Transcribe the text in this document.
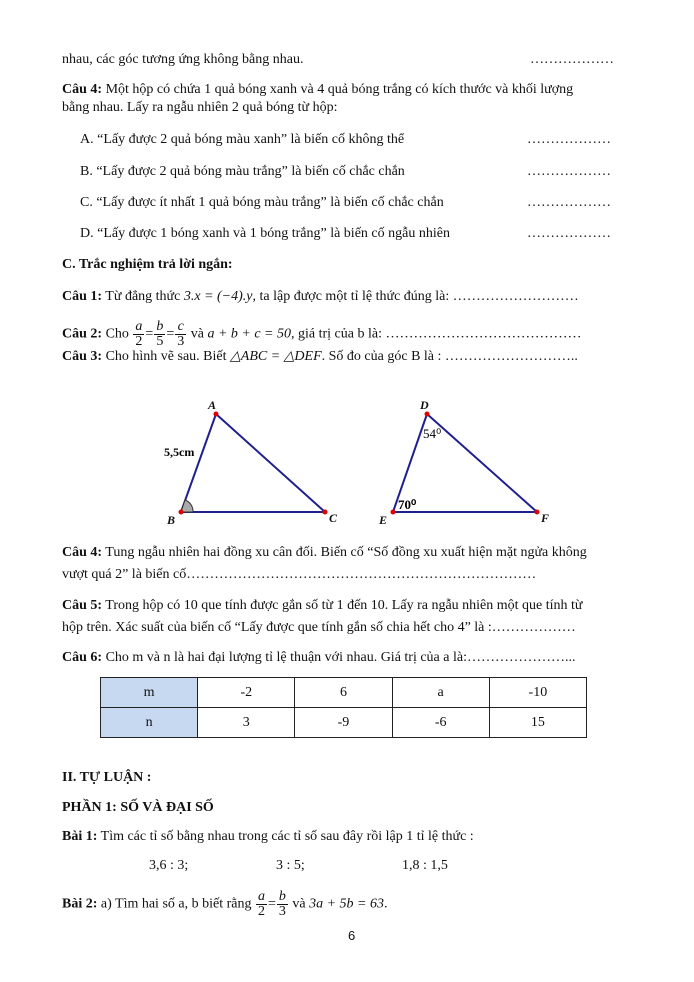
nhau, các góc tương ứng không bằng nhau.	………………
Câu 4: Một hộp có chứa 1 quả bóng xanh và 4 quả bóng trắng có kích thước và khối lượng
bằng nhau. Lấy ra ngẫu nhiên 2 quả bóng từ hộp:
A. “Lấy được 2 quả bóng màu xanh” là biến cố không thể	………………
B. “Lấy được 2 quả bóng màu trắng” là biến cố chắc chắn	………………
C. “Lấy được ít nhất 1 quả bóng màu trắng” là biến cố chắc chắn	………………
D. “Lấy được 1 bóng xanh và 1 bóng trắng” là biến cố ngẫu nhiên	………………
C. Trắc nghiệm trả lời ngắn:
Câu 1: Từ đẳng thức 3.x = (−4).y, ta lập được một tỉ lệ thức đúng là: ………………………
Câu 2: Cho $\frac{a}{2} = \frac{b}{5} = \frac{c}{3}$ và a + b + c = 50, giá trị của b là: ……………………………………
Câu 3: Cho hình vẽ sau. Biết △ABC = △DEF. Số đo của góc B là : ………………………..
A
B	C
D
E	F
5,5cm
54⁰
70⁰
Câu 4: Tung ngẫu nhiên hai đồng xu cân đối. Biến cố “Số đồng xu xuất hiện mặt ngửa không
vượt quá 2” là biến cố…………………………………………………………………
Câu 5: Trong hộp có 10 que tính được gắn số từ 1 đến 10. Lấy ra ngẫu nhiên một que tính từ
hộp trên. Xác suất của biến cố “Lấy được que tính gắn số chia hết cho 4” là :………………
Câu 6: Cho m và n là hai đại lượng tỉ lệ thuận với nhau. Giá trị của a là:…………………...
m	-2	6	a	-10
n	3	-9	-6	15
II. TỰ LUẬN :
PHẦN 1: SỐ VÀ ĐẠI SỐ
Bài 1: Tìm các tỉ số bằng nhau trong các tỉ số sau đây rồi lập 1 tỉ lệ thức :
3,6 : 3;	3 : 5;	1,8 : 1,5
Bài 2: a) Tìm hai số a, b biết rằng $\frac{a}{2} = \frac{b}{3}$ và 3a + 5b = 63.
6
